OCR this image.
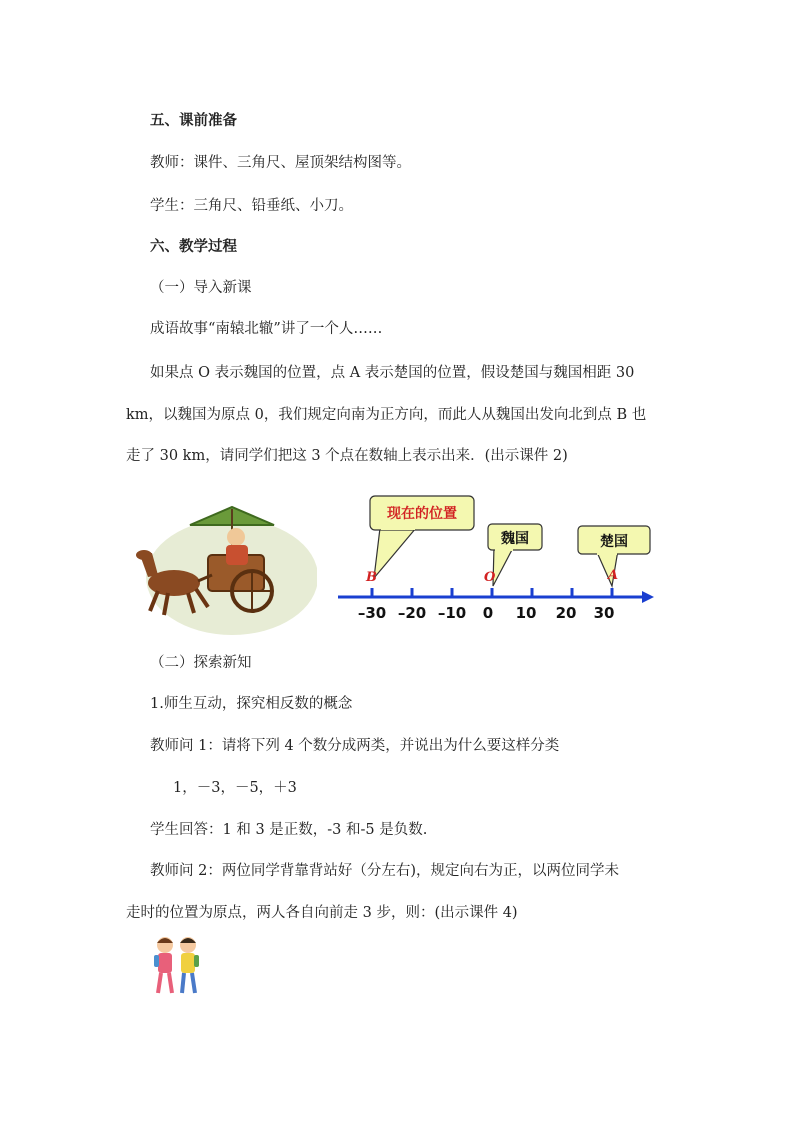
五、课前准备
教师：课件、三角尺、屋顶架结构图等。
学生：三角尺、铅垂纸、小刀。
六、教学过程
（一）导入新课
成语故事“南辕北辙”讲了一个人……
如果点 O 表示魏国的位置，点 A 表示楚国的位置，假设楚国与魏国相距 30
km，以魏国为原点 0，我们规定向南为正方向，而此人从魏国出发向北到点 B 也
走了 30 km，请同学们把这 3 个点在数轴上表示出来．(出示课件 2)
现在的位置
魏国	楚国
B	O	A
–30 –20 –10 0 10 20 30
（二）探索新知
1.师生互动，探究相反数的概念
教师问 1：请将下列 4 个数分成两类，并说出为什么要这样分类
1，－3，－5，＋3
学生回答：1 和 3 是正数，-3 和-5 是负数.
教师问 2：两位同学背靠背站好（分左右)，规定向右为正，以两位同学未
走时的位置为原点，两人各自向前走 3 步，则：(出示课件 4)
